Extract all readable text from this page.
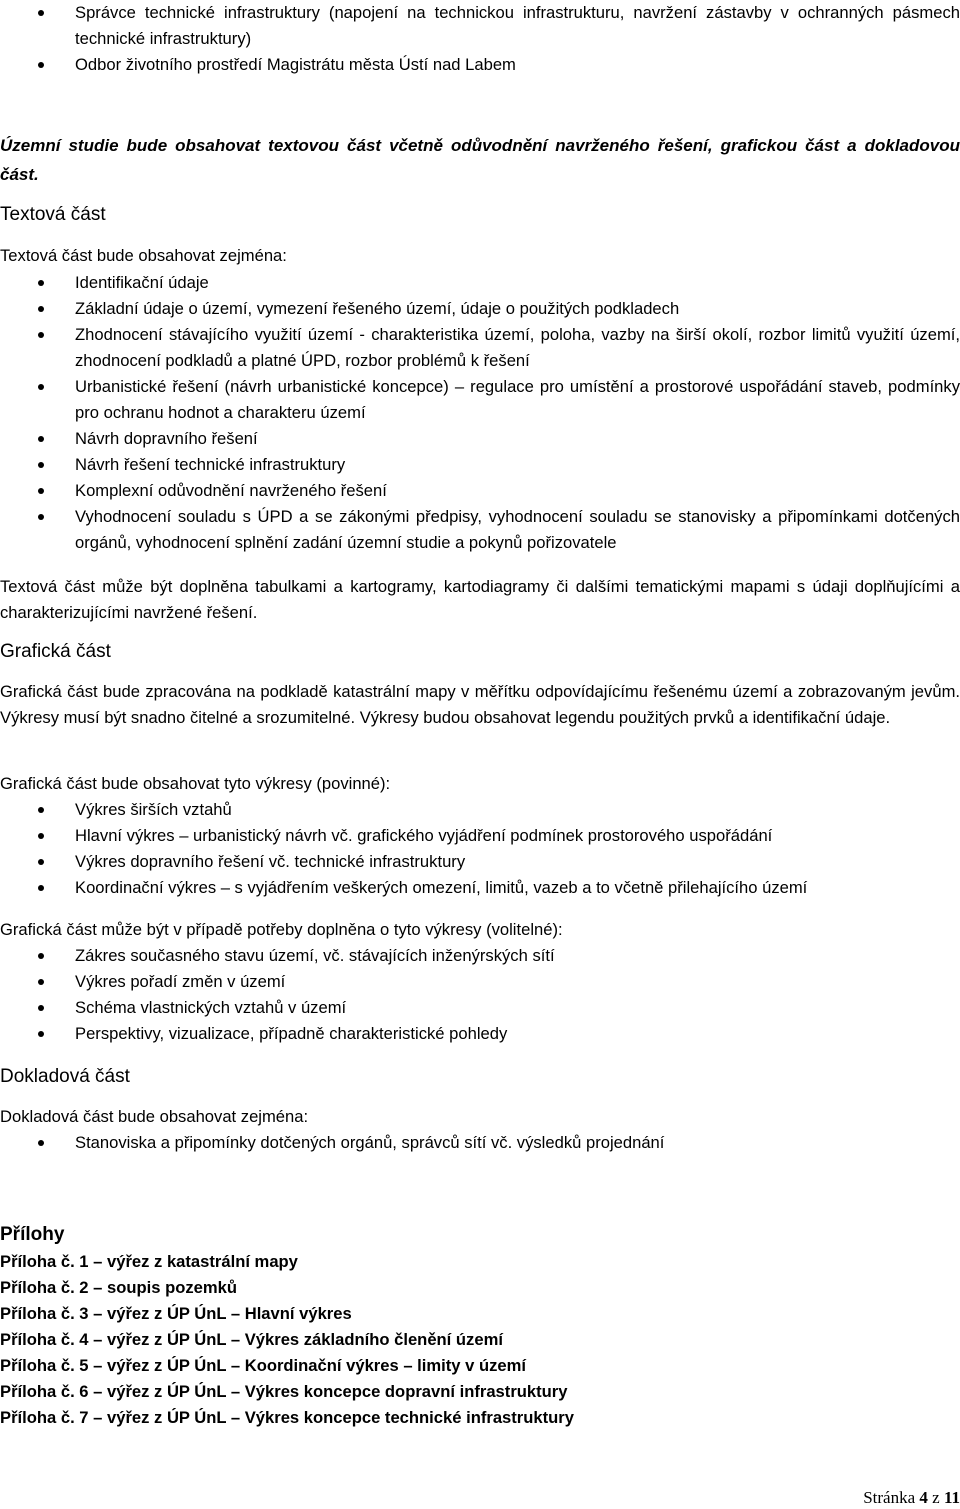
Správce technické infrastruktury (napojení na technickou infrastrukturu, navržení zástavby v ochranných pásmech technické infrastruktury)
Odbor životního prostředí Magistrátu města Ústí nad Labem

Územní studie bude obsahovat textovou část včetně odůvodnění navrženého řešení, grafickou část a dokladovou část.

Textová část

Textová část bude obsahovat zejména:

Identifikační údaje
Základní údaje o území, vymezení řešeného území, údaje o použitých podkladech
Zhodnocení stávajícího využití území - charakteristika území, poloha, vazby na širší okolí, rozbor limitů využití území, zhodnocení podkladů a platné ÚPD, rozbor problémů k řešení
Urbanistické řešení (návrh urbanistické koncepce) – regulace pro umístění a prostorové uspořádání staveb, podmínky pro ochranu hodnot a charakteru území
Návrh dopravního řešení
Návrh řešení technické infrastruktury
Komplexní odůvodnění navrženého řešení
Vyhodnocení souladu s ÚPD a se zákonými předpisy, vyhodnocení souladu se stanovisky a připomínkami dotčených orgánů, vyhodnocení splnění zadání územní studie a pokynů pořizovatele

Textová část může být doplněna tabulkami a kartogramy, kartodiagramy či dalšími tematickými mapami s údaji doplňujícími a charakterizujícími navržené řešení.

Grafická část

Grafická část bude zpracována na podkladě katastrální mapy v měřítku odpovídajícímu řešenému území a zobrazovaným jevům. Výkresy musí být snadno čitelné a srozumitelné. Výkresy budou obsahovat legendu použitých prvků a identifikační údaje.

Grafická část bude obsahovat tyto výkresy (povinné):

Výkres širších vztahů
Hlavní výkres – urbanistický návrh vč. grafického vyjádření podmínek prostorového uspořádání
Výkres dopravního řešení vč. technické infrastruktury
Koordinační výkres – s vyjádřením veškerých omezení, limitů, vazeb a to včetně přilehajícího území

Grafická část může být v případě potřeby doplněna o tyto výkresy (volitelné):

Zákres současného stavu území, vč. stávajících inženýrských sítí
Výkres pořadí změn v území
Schéma vlastnických vztahů v území
Perspektivy, vizualizace, případně charakteristické pohledy

Dokladová část

Dokladová část bude obsahovat zejména:

Stanoviska a připomínky dotčených orgánů, správců sítí vč. výsledků projednání

Přílohy

Příloha č. 1 – výřez z katastrální mapy

Příloha č. 2 – soupis pozemků

Příloha č. 3 – výřez z ÚP ÚnL – Hlavní výkres

Příloha č. 4 – výřez z ÚP ÚnL – Výkres základního členění území

Příloha č. 5 – výřez z ÚP ÚnL – Koordinační výkres – limity v území

Příloha č. 6 – výřez z ÚP ÚnL – Výkres koncepce dopravní infrastruktury

Příloha č. 7 – výřez z ÚP ÚnL – Výkres koncepce technické infrastruktury

Stránka 4 z 11
